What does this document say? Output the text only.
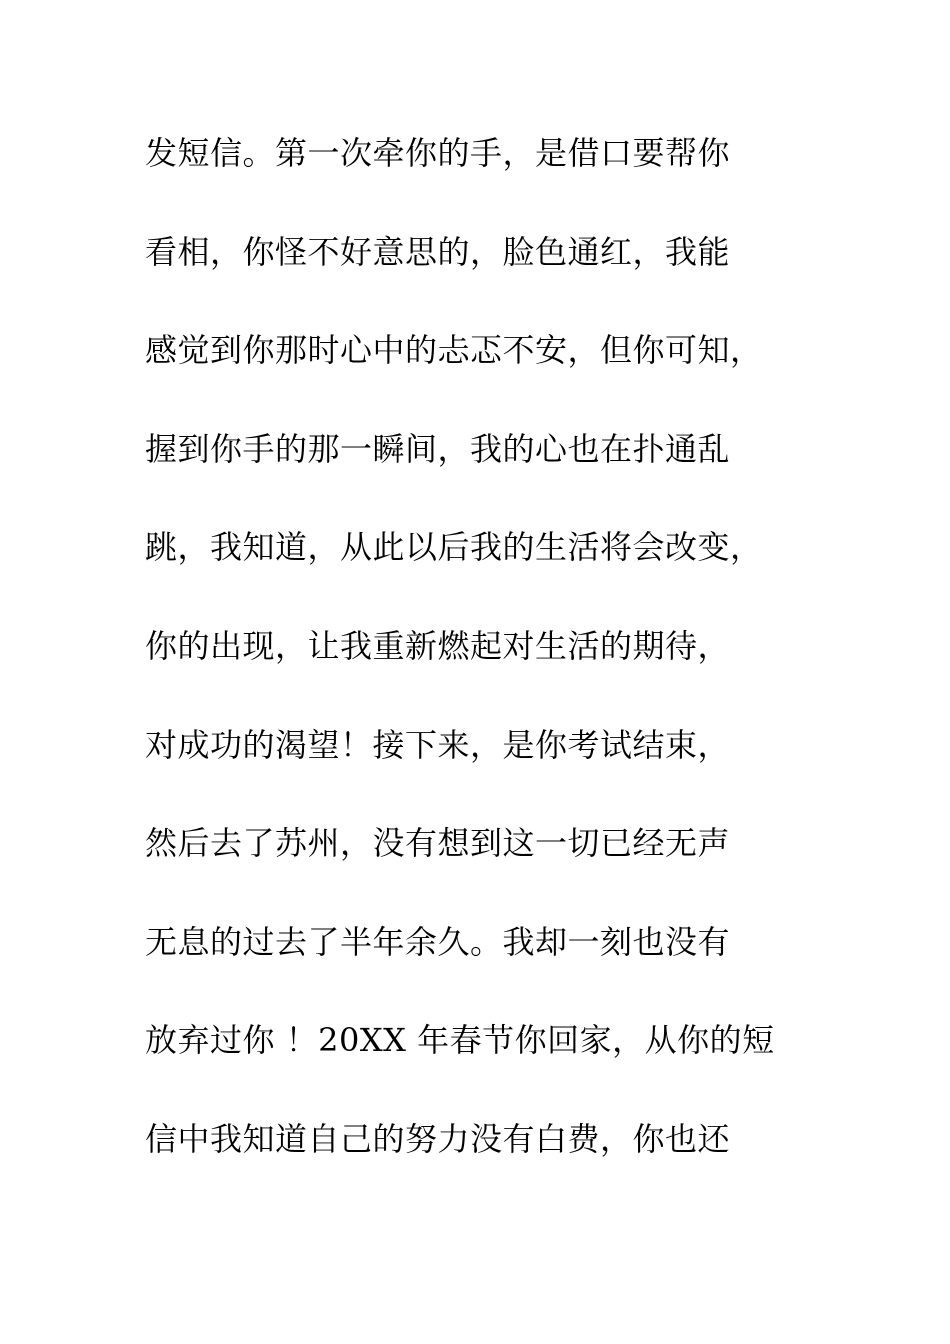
发短信。第一次牵你的手，是借口要帮你
看相，你怪不好意思的，脸色通红，我能
感觉到你那时心中的忐忑不安，但你可知，
握到你手的那一瞬间，我的心也在扑通乱
跳，我知道，从此以后我的生活将会改变，
你的出现，让我重新燃起对生活的期待，
对成功的渴望！接下来，是你考试结束，
然后去了苏州，没有想到这一切已经无声
无息的过去了半年余久。我却一刻也没有
放弃过你 ！20XX 年春节你回家，从你的短
信中我知道自己的努力没有白费，你也还
